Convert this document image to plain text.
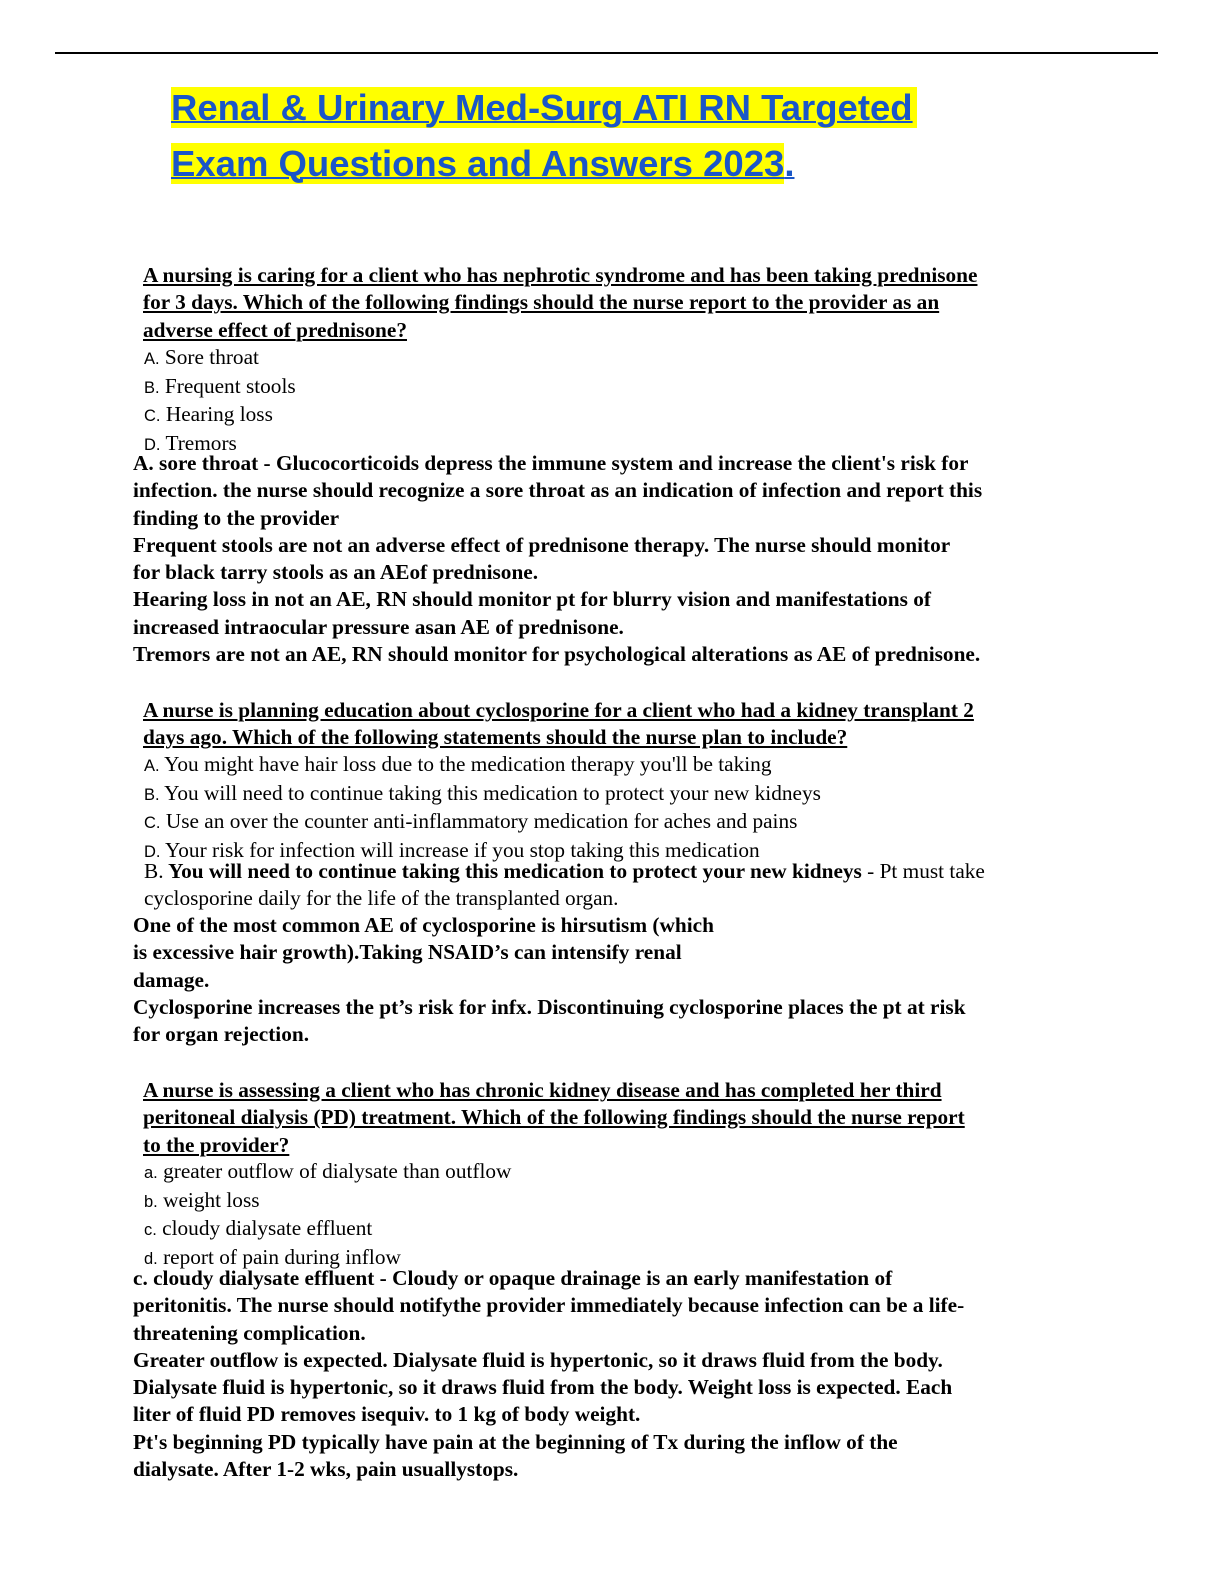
Renal & Urinary Med-Surg ATI RN Targeted
Exam Questions and Answers 2023.
A nursing is caring for a client who has nephrotic syndrome and has been taking prednisone
for 3 days. Which of the following findings should the nurse report to the provider as an
adverse effect of prednisone?
A. Sore throat
B. Frequent stools
C. Hearing loss
D. Tremors
A. sore throat - Glucocorticoids depress the immune system and increase the client's risk for
infection. the nurse should recognize a sore throat as an indication of infection and report this
finding to the provider
Frequent stools are not an adverse effect of prednisone therapy. The nurse should monitor
for black tarry stools as an AEof prednisone.
Hearing loss in not an AE, RN should monitor pt for blurry vision and manifestations of
increased intraocular pressure asan AE of prednisone.
Tremors are not an AE, RN should monitor for psychological alterations as AE of prednisone.
A nurse is planning education about cyclosporine for a client who had a kidney transplant 2
days ago. Which of the following statements should the nurse plan to include?
A. You might have hair loss due to the medication therapy you'll be taking
B. You will need to continue taking this medication to protect your new kidneys
C. Use an over the counter anti-inflammatory medication for aches and pains
D. Your risk for infection will increase if you stop taking this medication
B. You will need to continue taking this medication to protect your new kidneys - Pt must take
cyclosporine daily for the life of the transplanted organ.
One of the most common AE of cyclosporine is hirsutism (which
is excessive hair growth).Taking NSAID’s can intensify renal
damage.
Cyclosporine increases the pt’s risk for infx. Discontinuing cyclosporine places the pt at risk
for organ rejection.
A nurse is assessing a client who has chronic kidney disease and has completed her third
peritoneal dialysis (PD) treatment. Which of the following findings should the nurse report
to the provider?
a. greater outflow of dialysate than outflow
b. weight loss
c. cloudy dialysate effluent
d. report of pain during inflow
c. cloudy dialysate effluent - Cloudy or opaque drainage is an early manifestation of
peritonitis. The nurse should notifythe provider immediately because infection can be a life-
threatening complication.
Greater outflow is expected. Dialysate fluid is hypertonic, so it draws fluid from the body.
Dialysate fluid is hypertonic, so it draws fluid from the body. Weight loss is expected. Each
liter of fluid PD removes isequiv. to 1 kg of body weight.
Pt's beginning PD typically have pain at the beginning of Tx during the inflow of the
dialysate. After 1-2 wks, pain usuallystops.
